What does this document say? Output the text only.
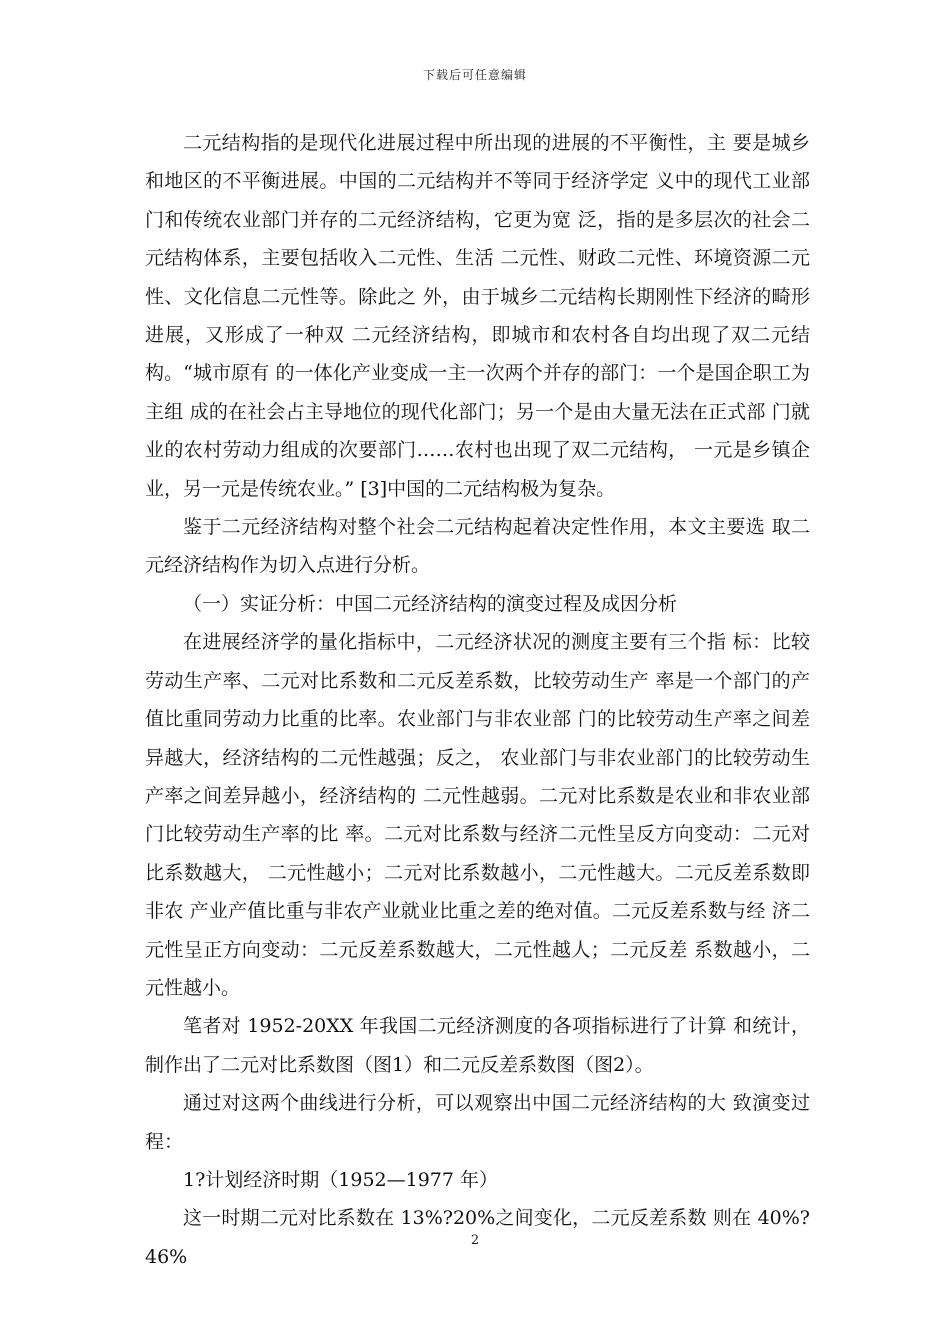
下载后可任意编辑

二元结构指的是现代化进展过程中所出现的进展的不平衡性，主 要是城乡和地区的不平衡进展。中国的二元结构并不等同于经济学定 义中的现代工业部门和传统农业部门并存的二元经济结构，它更为宽 泛，指的是多层次的社会二元结构体系，主要包括收入二元性、生活 二元性、财政二元性、环境资源二元性、文化信息二元性等。除此之 外，由于城乡二元结构长期刚性下经济的畸形进展，又形成了一种双 二元经济结构，即城市和农村各自均出现了双二元结构。“城市原有 的一体化产业变成一主一次两个并存的部门：一个是国企职工为主组 成的在社会占主导地位的现代化部门；另一个是由大量无法在正式部 门就业的农村劳动力组成的次要部门……农村也出现了双二元结构， 一元是乡镇企业，另一元是传统农业。” [3]中国的二元结构极为复杂。

鉴于二元经济结构对整个社会二元结构起着决定性作用，本文主要选 取二元经济结构作为切入点进行分析。

（一）实证分析：中国二元经济结构的演变过程及成因分析

在进展经济学的量化指标中，二元经济状况的测度主要有三个指 标：比较劳动生产率、二元对比系数和二元反差系数，比较劳动生产 率是一个部门的产值比重同劳动力比重的比率。农业部门与非农业部 门的比较劳动生产率之间差异越大，经济结构的二元性越强；反之， 农业部门与非农业部门的比较劳动生产率之间差异越小，经济结构的 二元性越弱。二元对比系数是农业和非农业部门比较劳动生产率的比 率。二元对比系数与经济二元性呈反方向变动：二元对比系数越大， 二元性越小；二元对比系数越小，二元性越大。二元反差系数即非农 产业产值比重与非农产业就业比重之差的绝对值。二元反差系数与经 济二元性呈正方向变动：二元反差系数越大，二元性越人；二元反差 系数越小，二元性越小。

笔者对 1952-20XX 年我国二元经济测度的各项指标进行了计算 和统计，制作出了二元对比系数图（图1）和二元反差系数图（图2）。

通过对这两个曲线进行分析，可以观察出中国二元经济结构的大 致演变过程：

1?计划经济时期（1952—1977 年）

这一时期二元对比系数在 13%?20%之间变化，二元反差系数 则在 40%?46%

2
